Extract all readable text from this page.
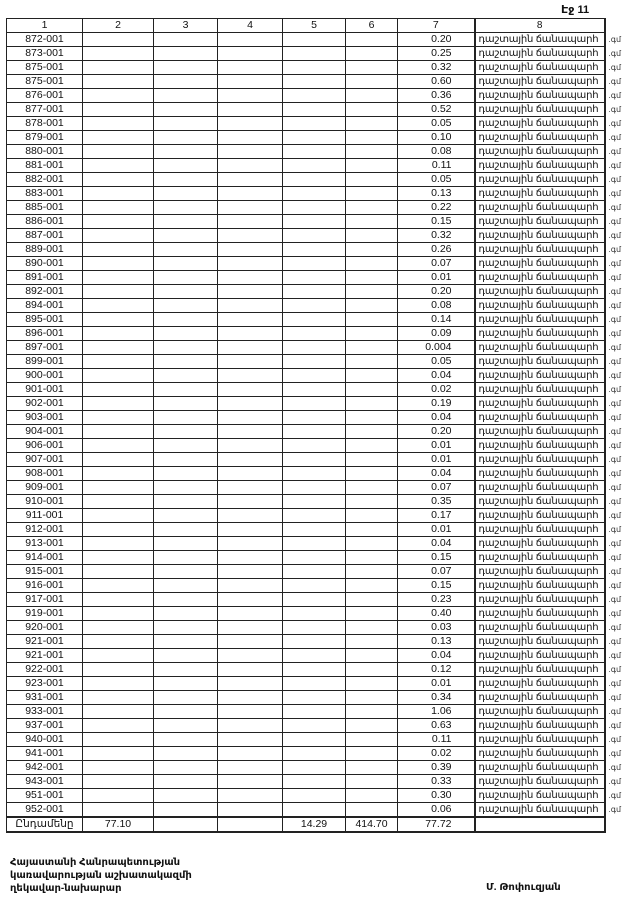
Էջ 11
1	2	3	4	5	6	7	8	
872-001						0.20	դաշտային ճանապարհ	.գմ
873-001						0.25	դաշտային ճանապարհ	.գմ
875-001						0.32	դաշտային ճանապարհ	.գմ
875-001						0.60	դաշտային ճանապարհ	.գմ
876-001						0.36	դաշտային ճանապարհ	.գմ
877-001						0.52	դաշտային ճանապարհ	.գմ
878-001						0.05	դաշտային ճանապարհ	.գմ
879-001						0.10	դաշտային ճանապարհ	.գմ
880-001						0.08	դաշտային ճանապարհ	.գմ
881-001						0.11	դաշտային ճանապարհ	.գմ
882-001						0.05	դաշտային ճանապարհ	.գմ
883-001						0.13	դաշտային ճանապարհ	.գմ
885-001						0.22	դաշտային ճանապարհ	.գմ
886-001						0.15	դաշտային ճանապարհ	.գմ
887-001						0.32	դաշտային ճանապարհ	.գմ
889-001						0.26	դաշտային ճանապարհ	.գմ
890-001						0.07	դաշտային ճանապարհ	.գմ
891-001						0.01	դաշտային ճանապարհ	.գմ
892-001						0.20	դաշտային ճանապարհ	.գմ
894-001						0.08	դաշտային ճանապարհ	.գմ
895-001						0.14	դաշտային ճանապարհ	.գմ
896-001						0.09	դաշտային ճանապարհ	.գմ
897-001						0.004	դաշտային ճանապարհ	.գմ
899-001						0.05	դաշտային ճանապարհ	.գմ
900-001						0.04	դաշտային ճանապարհ	.գմ
901-001						0.02	դաշտային ճանապարհ	.գմ
902-001						0.19	դաշտային ճանապարհ	.գմ
903-001						0.04	դաշտային ճանապարհ	.գմ
904-001						0.20	դաշտային ճանապարհ	.գմ
906-001						0.01	դաշտային ճանապարհ	.գմ
907-001						0.01	դաշտային ճանապարհ	.գմ
908-001						0.04	դաշտային ճանապարհ	.գմ
909-001						0.07	դաշտային ճանապարհ	.գմ
910-001						0.35	դաշտային ճանապարհ	.գմ
911-001						0.17	դաշտային ճանապարհ	.գմ
912-001						0.01	դաշտային ճանապարհ	.գմ
913-001						0.04	դաշտային ճանապարհ	.գմ
914-001						0.15	դաշտային ճանապարհ	.գմ
915-001						0.07	դաշտային ճանապարհ	.գմ
916-001						0.15	դաշտային ճանապարհ	.գմ
917-001						0.23	դաշտային ճանապարհ	.գմ
919-001						0.40	դաշտային ճանապարհ	.գմ
920-001						0.03	դաշտային ճանապարհ	.գմ
921-001						0.13	դաշտային ճանապարհ	.գմ
921-001						0.04	դաշտային ճանապարհ	.գմ
922-001						0.12	դաշտային ճանապարհ	.գմ
923-001						0.01	դաշտային ճանապարհ	.գմ
931-001						0.34	դաշտային ճանապարհ	.գմ
933-001						1.06	դաշտային ճանապարհ	.գմ
937-001						0.63	դաշտային ճանապարհ	.գմ
940-001						0.11	դաշտային ճանապարհ	.գմ
941-001						0.02	դաշտային ճանապարհ	.գմ
942-001						0.39	դաշտային ճանապարհ	.գմ
943-001						0.33	դաշտային ճանապարհ	.գմ
951-001						0.30	դաշտային ճանապարհ	.գմ
952-001						0.06	դաշտային ճանապարհ	.գմ
Ընդամենը	77.10			14.29	414.70	77.72		
Հայաստանի Հանրապետության
կառավարության աշխատակազմի
ղեկավար-նախարար	Մ. Թոփուզյան
